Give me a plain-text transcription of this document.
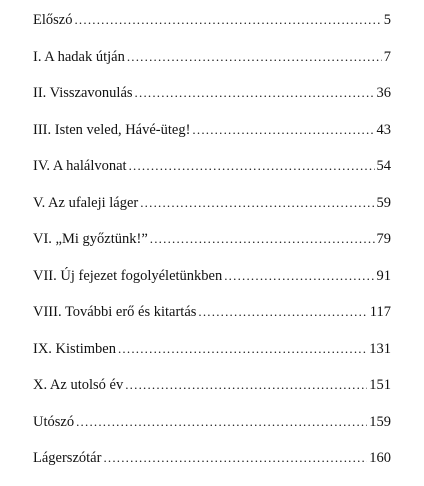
Előszó .....	5
I. A hadak útján .....	7
II. Visszavonulás .....	36
III. Isten veled, Hávé-üteg! .....	43
IV. A halálvonat .....	54
V. Az ufaleji láger .....	59
VI. „Mi győztünk!” .....	79
VII. Új fejezet fogolyéletünkben .....	91
VIII. További erő és kitartás .....	117
IX. Kistimben .....	131
X. Az utolsó év .....	151
Utószó .....	159
Lágerszótár .....	160
